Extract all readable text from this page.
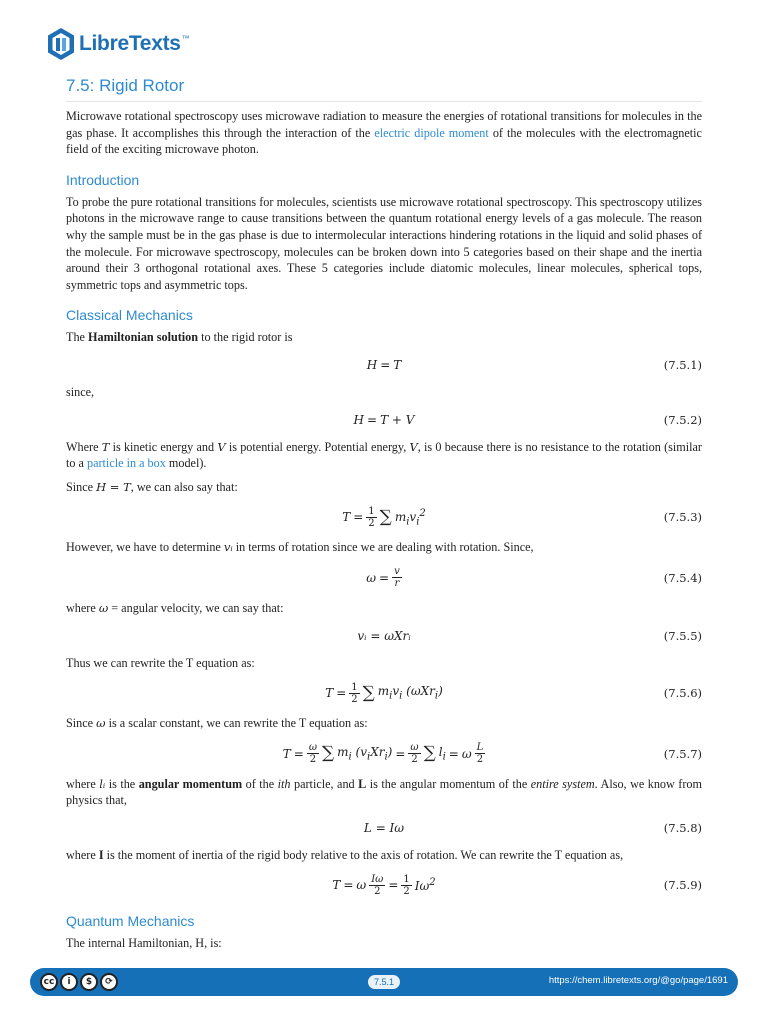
LibreTexts ™
7.5: Rigid Rotor

Microwave rotational spectroscopy uses microwave radiation to measure the energies of rotational transitions for molecules in the gas phase. It accomplishes this through the interaction of the electric dipole moment of the molecules with the electromagnetic field of the exciting microwave photon.

Introduction

To probe the pure rotational transitions for molecules, scientists use microwave rotational spectroscopy. This spectroscopy utilizes photons in the microwave range to cause transitions between the quantum rotational energy levels of a gas molecule. The reason why the sample must be in the gas phase is due to intermolecular interactions hindering rotations in the liquid and solid phases of the molecule. For microwave spectroscopy, molecules can be broken down into 5 categories based on their shape and the inertia around their 3 orthogonal rotational axes. These 5 categories include diatomic molecules, linear molecules, spherical tops, symmetric tops and asymmetric tops.

Classical Mechanics

The Hamiltonian solution to the rigid rotor is

H = T	(7.5.1)

since,

H = T + V	(7.5.2)

Where T is kinetic energy and V is potential energy. Potential energy, V, is 0 because there is no resistance to the rotation (similar to a particle in a box model).

Since H = T, we can also say that:

$T = \frac{1}{2}$ ∑ $m_iv_i^2$	(7.5.3)

However, we have to determine vᵢ in terms of rotation since we are dealing with rotation. Since,

$\omega = \frac{v}{r}$	(7.5.4)

where ω = angular velocity, we can say that:

vᵢ = ωXrᵢ	(7.5.5)

Thus we can rewrite the T equation as:

$T = \frac{1}{2}$ ∑ $m_iv_i$ (ωXr$_i$)	(7.5.6)

Since ω is a scalar constant, we can rewrite the T equation as:

$T = \frac{\omega}{2}$ ∑ $m_i$ $(v_iXr_i) = \frac{\omega}{2}$ ∑ $l_i = \omega \frac{L}{2}$	(7.5.7)

where lᵢ is the angular momentum of the ith particle, and L is the angular momentum of the entire system. Also, we know from physics that,

L = Iω	(7.5.8)

where I is the moment of inertia of the rigid body relative to the axis of rotation. We can rewrite the T equation as,

T = ω $\frac{I\omega}{2} = \frac{1}{2} I\omega^2$	(7.5.9)
Quantum Mechanics

The internal Hamiltonian, H, is:

cc	i	$	⟳	7.5.1	https://chem.libretexts.org/@go/page/1691
